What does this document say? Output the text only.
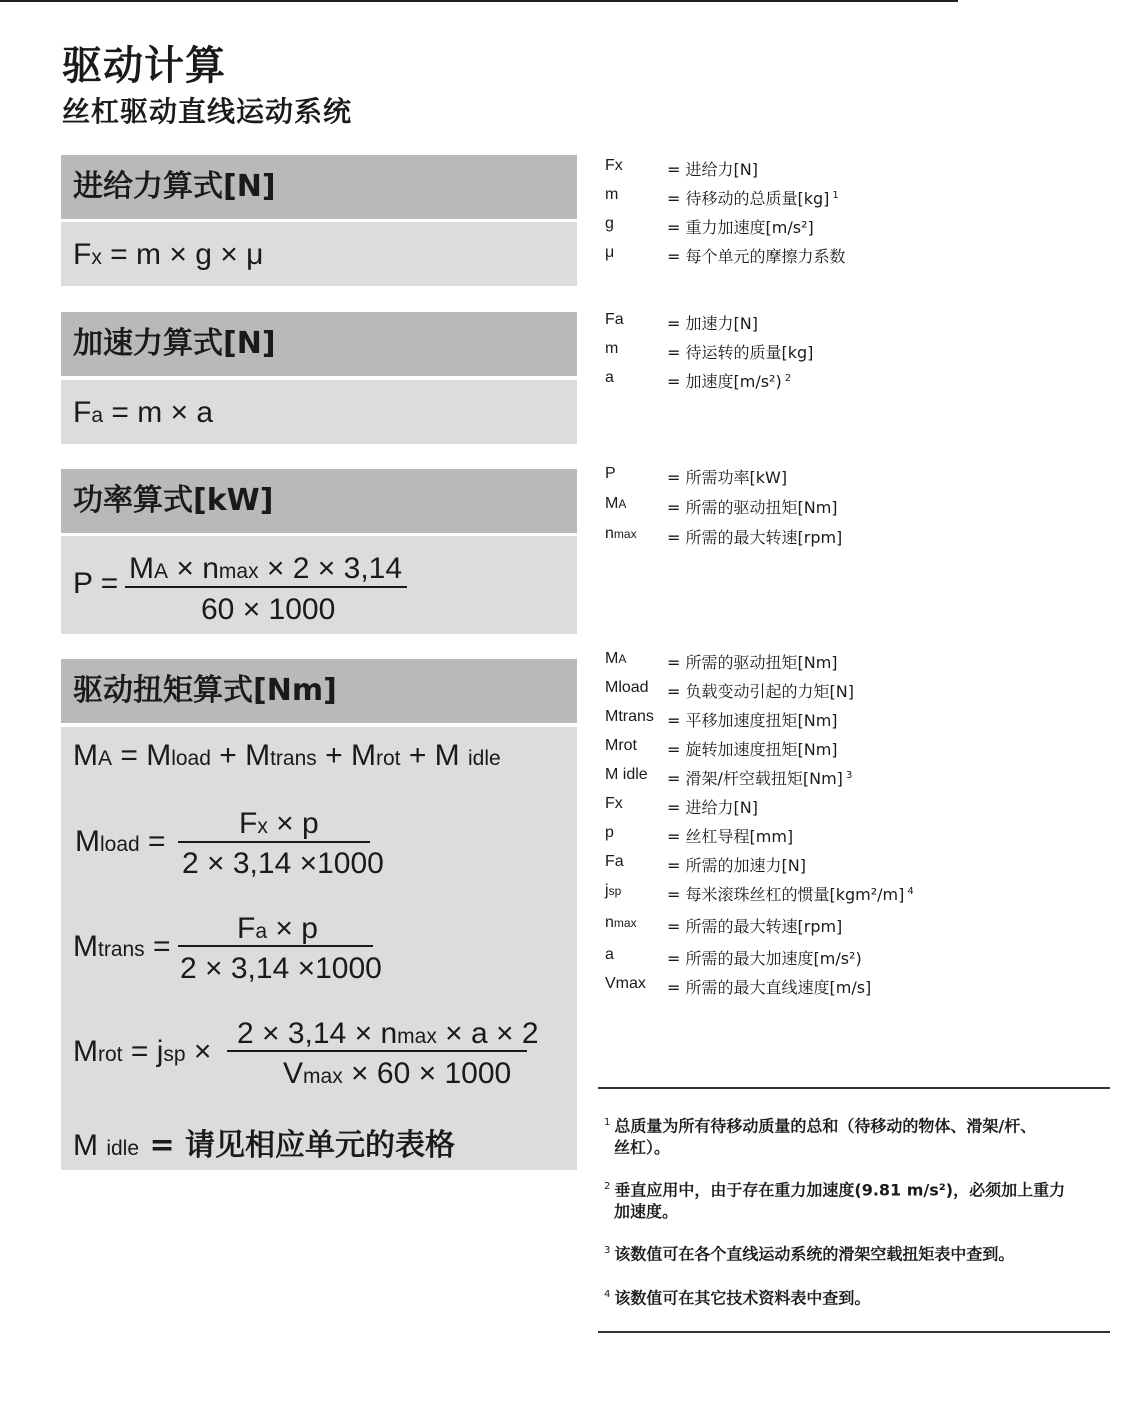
驱动计算
丝杠驱动直线运动系统
进给力算式[N]
Fx = m × g × μ
加速力算式[N]
Fa = m × a
功率算式[kW]
P = MA × nmax × 2 × 3,14
60 × 1000
驱动扭矩算式[Nm]
MA = Mload + Mtrans + Mrot + M idle
Mload =
Fx × p
2 × 3,14 ×1000
Mtrans =
Fa × p
2 × 3,14 ×1000
Mrot = jsp ×
2 × 3,14 × nmax × a × 2
Vmax × 60 × 1000
M idle = 请见相应单元的表格
Fx	= 进给力[N]
m	= 待移动的总质量[kg] $^1$
g	= 重力加速度[m/s²]
μ	= 每个单元的摩擦力系数
Fa	= 加速力[N]
m	= 待运转的质量[kg]
a	= 加速度[m/s²) $^2$
P	= 所需功率[kW]
MA	= 所需的驱动扭矩[Nm]
nmax = 所需的最大转速[rpm]
MA	= 所需的驱动扭矩[Nm]
Mload = 负载变动引起的力矩[N]
Mtrans = 平移加速度扭矩[Nm]
Mrot = 旋转加速度扭矩[Nm]
M idle = 滑架/杆空载扭矩[Nm] $^3$
Fx	= 进给力[N]
p	= 丝杠导程[mm]
Fa	= 所需的加速力[N]
jsp	= 每米滚珠丝杠的惯量[kgm²/m] $^4$
nmax = 所需的最大转速[rpm]
a	= 所需的最大加速度[m/s²)
Vmax = 所需的最大直线速度[m/s]
$^1$ 总质量为所有待移动质量的总和（待移动的物体、滑架/杆、
丝杠）。
$^2$ 垂直应用中，由于存在重力加速度(9.81 m/s²)，必须加上重力
加速度。
$^3$ 该数值可在各个直线运动系统的滑架空载扭矩表中查到。
$^4$ 该数值可在其它技术资料表中查到。
